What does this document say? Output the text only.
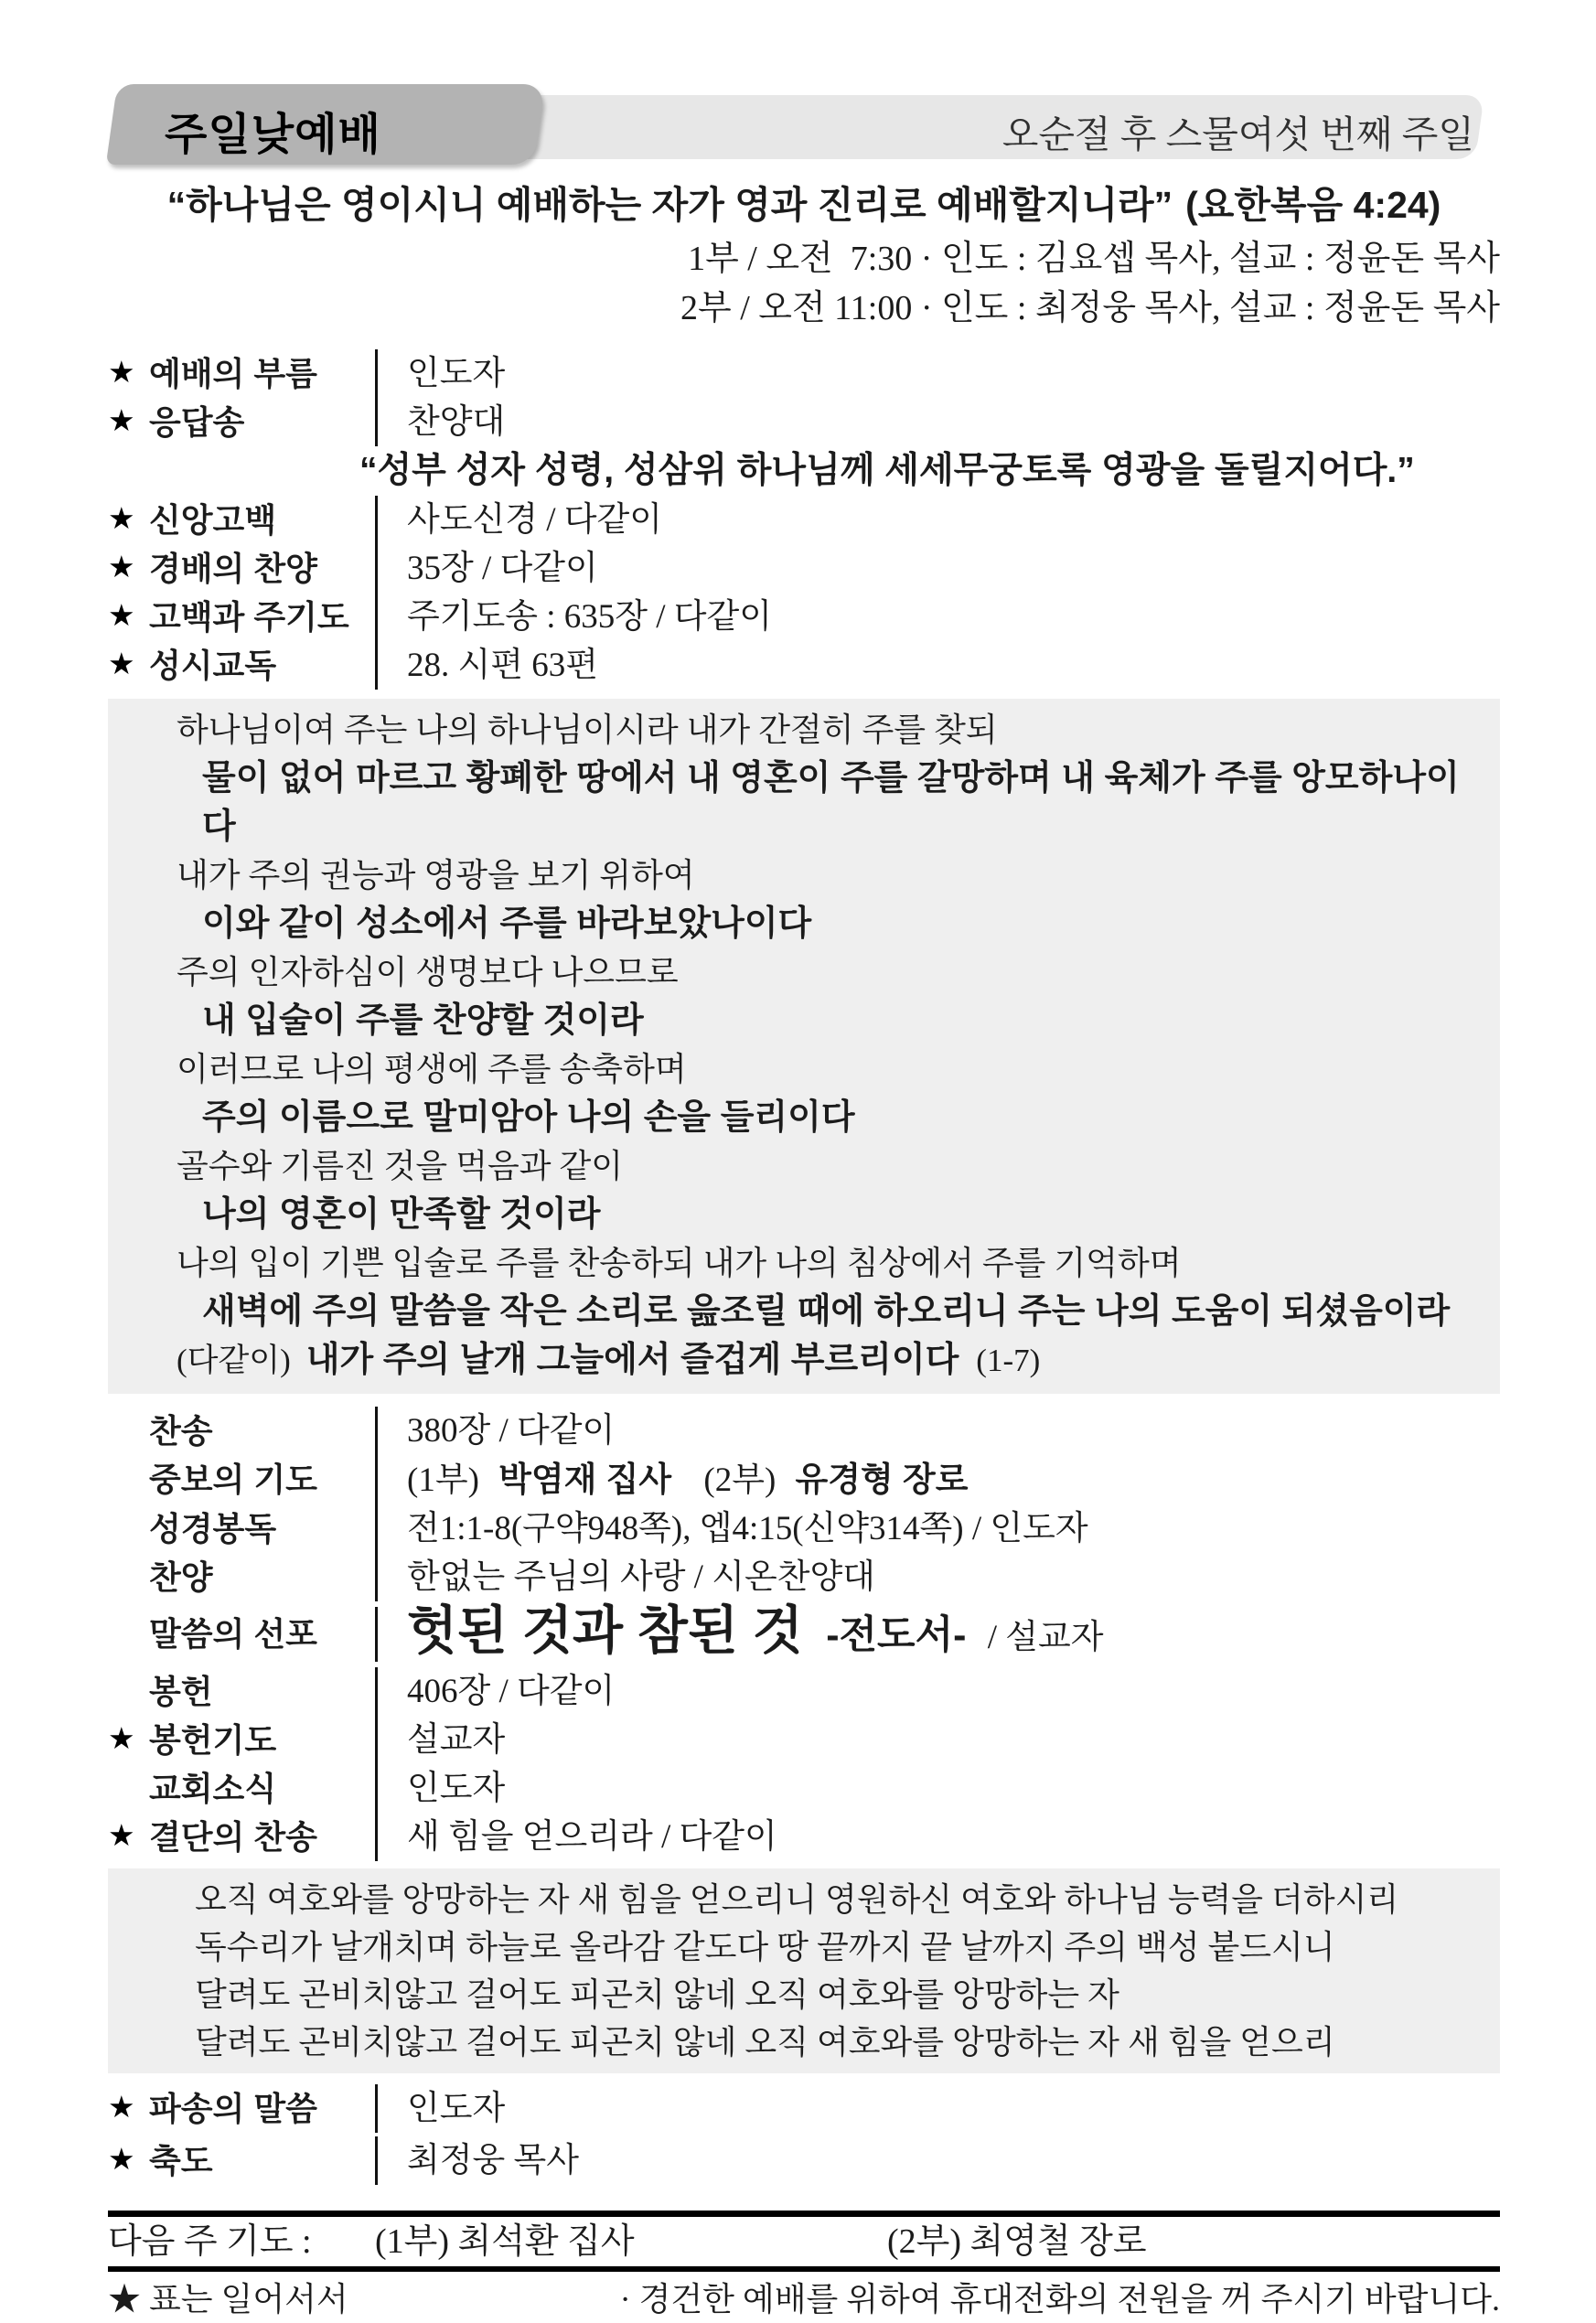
주일낮예배	오순절 후 스물여섯 번째 주일
“하나님은 영이시니 예배하는 자가 영과 진리로 예배할지니라” (요한복음 4:24)
1부 / 오전  7:30 · 인도 : 김요셉 목사, 설교 : 정윤돈 목사
2부 / 오전 11:00 · 인도 : 최정웅 목사, 설교 : 정윤돈 목사
★ 예배의 부름	인도자
★ 응답송	찬양대
“성부 성자 성령, 성삼위 하나님께 세세무궁토록 영광을 돌릴지어다.”
★ 신앙고백	사도신경 / 다같이
★ 경배의 찬양	35장 / 다같이
★ 고백과 주기도	주기도송 : 635장 / 다같이
★ 성시교독	28. 시편 63편
하나님이여 주는 나의 하나님이시라 내가 간절히 주를 찾되
물이 없어 마르고 황폐한 땅에서 내 영혼이 주를 갈망하며 내 육체가 주를 앙모하나이다
내가 주의 권능과 영광을 보기 위하여
이와 같이 성소에서 주를 바라보았나이다
주의 인자하심이 생명보다 나으므로
내 입술이 주를 찬양할 것이라
이러므로 나의 평생에 주를 송축하며
주의 이름으로 말미암아 나의 손을 들리이다
골수와 기름진 것을 먹음과 같이
나의 영혼이 만족할 것이라
나의 입이 기쁜 입술로 주를 찬송하되 내가 나의 침상에서 주를 기억하며
새벽에 주의 말씀을 작은 소리로 읊조릴 때에 하오리니 주는 나의 도움이 되셨음이라
(다같이) 내가 주의 날개 그늘에서 즐겁게 부르리이다 (1-7)
찬송	380장 / 다같이
중보의 기도	(1부) 박염재 집사 (2부) 유경형 장로
성경봉독	전1:1-8(구약948쪽), 엡4:15(신약314쪽) / 인도자
찬양	한없는 주님의 사랑 / 시온찬양대
말씀의 선포	헛된 것과 참된 것 -전도서- / 설교자
봉헌	406장 / 다같이
★ 봉헌기도	설교자
교회소식	인도자
★ 결단의 찬송	새 힘을 얻으리라 / 다같이
오직 여호와를 앙망하는 자 새 힘을 얻으리니 영원하신 여호와 하나님 능력을 더하시리
독수리가 날개치며 하늘로 올라감 같도다 땅 끝까지 끝 날까지 주의 백성 붙드시니
달려도 곤비치않고 걸어도 피곤치 않네 오직 여호와를 앙망하는 자
달려도 곤비치않고 걸어도 피곤치 않네 오직 여호와를 앙망하는 자 새 힘을 얻으리
★ 파송의 말씀	인도자
★ 축도	최정웅 목사
다음 주 기도 :	(1부) 최석환 집사	(2부) 최영철 장로
★ 표는 일어서서	· 경건한 예배를 위하여 휴대전화의 전원을 꺼 주시기 바랍니다.
